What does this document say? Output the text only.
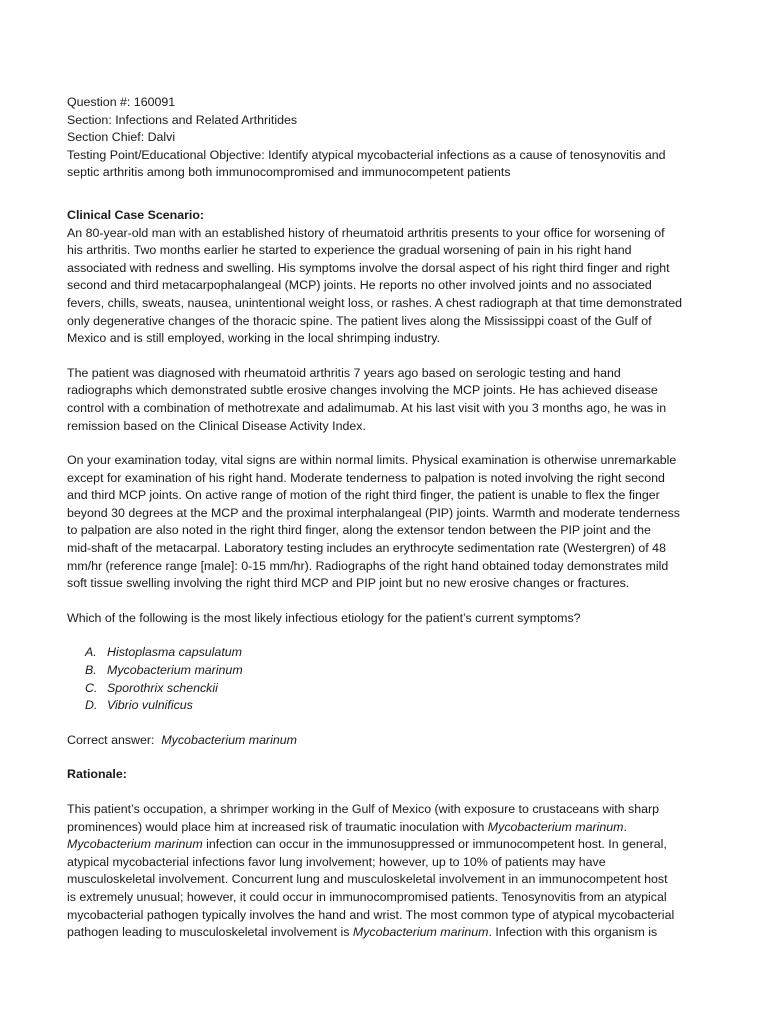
Question #: 160091
Section: Infections and Related Arthritides
Section Chief: Dalvi
Testing Point/Educational Objective: Identify atypical mycobacterial infections as a cause of tenosynovitis and
septic arthritis among both immunocompromised and immunocompetent patients
Clinical Case Scenario:
An 80-year-old man with an established history of rheumatoid arthritis presents to your office for worsening of
his arthritis. Two months earlier he started to experience the gradual worsening of pain in his right hand
associated with redness and swelling. His symptoms involve the dorsal aspect of his right third finger and right
second and third metacarpophalangeal (MCP) joints. He reports no other involved joints and no associated
fevers, chills, sweats, nausea, unintentional weight loss, or rashes. A chest radiograph at that time demonstrated
only degenerative changes of the thoracic spine. The patient lives along the Mississippi coast of the Gulf of
Mexico and is still employed, working in the local shrimping industry.
The patient was diagnosed with rheumatoid arthritis 7 years ago based on serologic testing and hand
radiographs which demonstrated subtle erosive changes involving the MCP joints. He has achieved disease
control with a combination of methotrexate and adalimumab. At his last visit with you 3 months ago, he was in
remission based on the Clinical Disease Activity Index.
On your examination today, vital signs are within normal limits. Physical examination is otherwise unremarkable
except for examination of his right hand. Moderate tenderness to palpation is noted involving the right second
and third MCP joints. On active range of motion of the right third finger, the patient is unable to flex the finger
beyond 30 degrees at the MCP and the proximal interphalangeal (PIP) joints. Warmth and moderate tenderness
to palpation are also noted in the right third finger, along the extensor tendon between the PIP joint and the
mid-shaft of the metacarpal. Laboratory testing includes an erythrocyte sedimentation rate (Westergren) of 48
mm/hr (reference range [male]: 0-15 mm/hr). Radiographs of the right hand obtained today demonstrates mild
soft tissue swelling involving the right third MCP and PIP joint but no new erosive changes or fractures.
Which of the following is the most likely infectious etiology for the patient’s current symptoms?
A. Histoplasma capsulatum
B. Mycobacterium marinum
C. Sporothrix schenckii
D. Vibrio vulnificus
Correct answer: Mycobacterium marinum
Rationale:
This patient’s occupation, a shrimper working in the Gulf of Mexico (with exposure to crustaceans with sharp
prominences) would place him at increased risk of traumatic inoculation with Mycobacterium marinum.
Mycobacterium marinum infection can occur in the immunosuppressed or immunocompetent host. In general,
atypical mycobacterial infections favor lung involvement; however, up to 10% of patients may have
musculoskeletal involvement. Concurrent lung and musculoskeletal involvement in an immunocompetent host
is extremely unusual; however, it could occur in immunocompromised patients. Tenosynovitis from an atypical
mycobacterial pathogen typically involves the hand and wrist. The most common type of atypical mycobacterial
pathogen leading to musculoskeletal involvement is Mycobacterium marinum. Infection with this organism is
